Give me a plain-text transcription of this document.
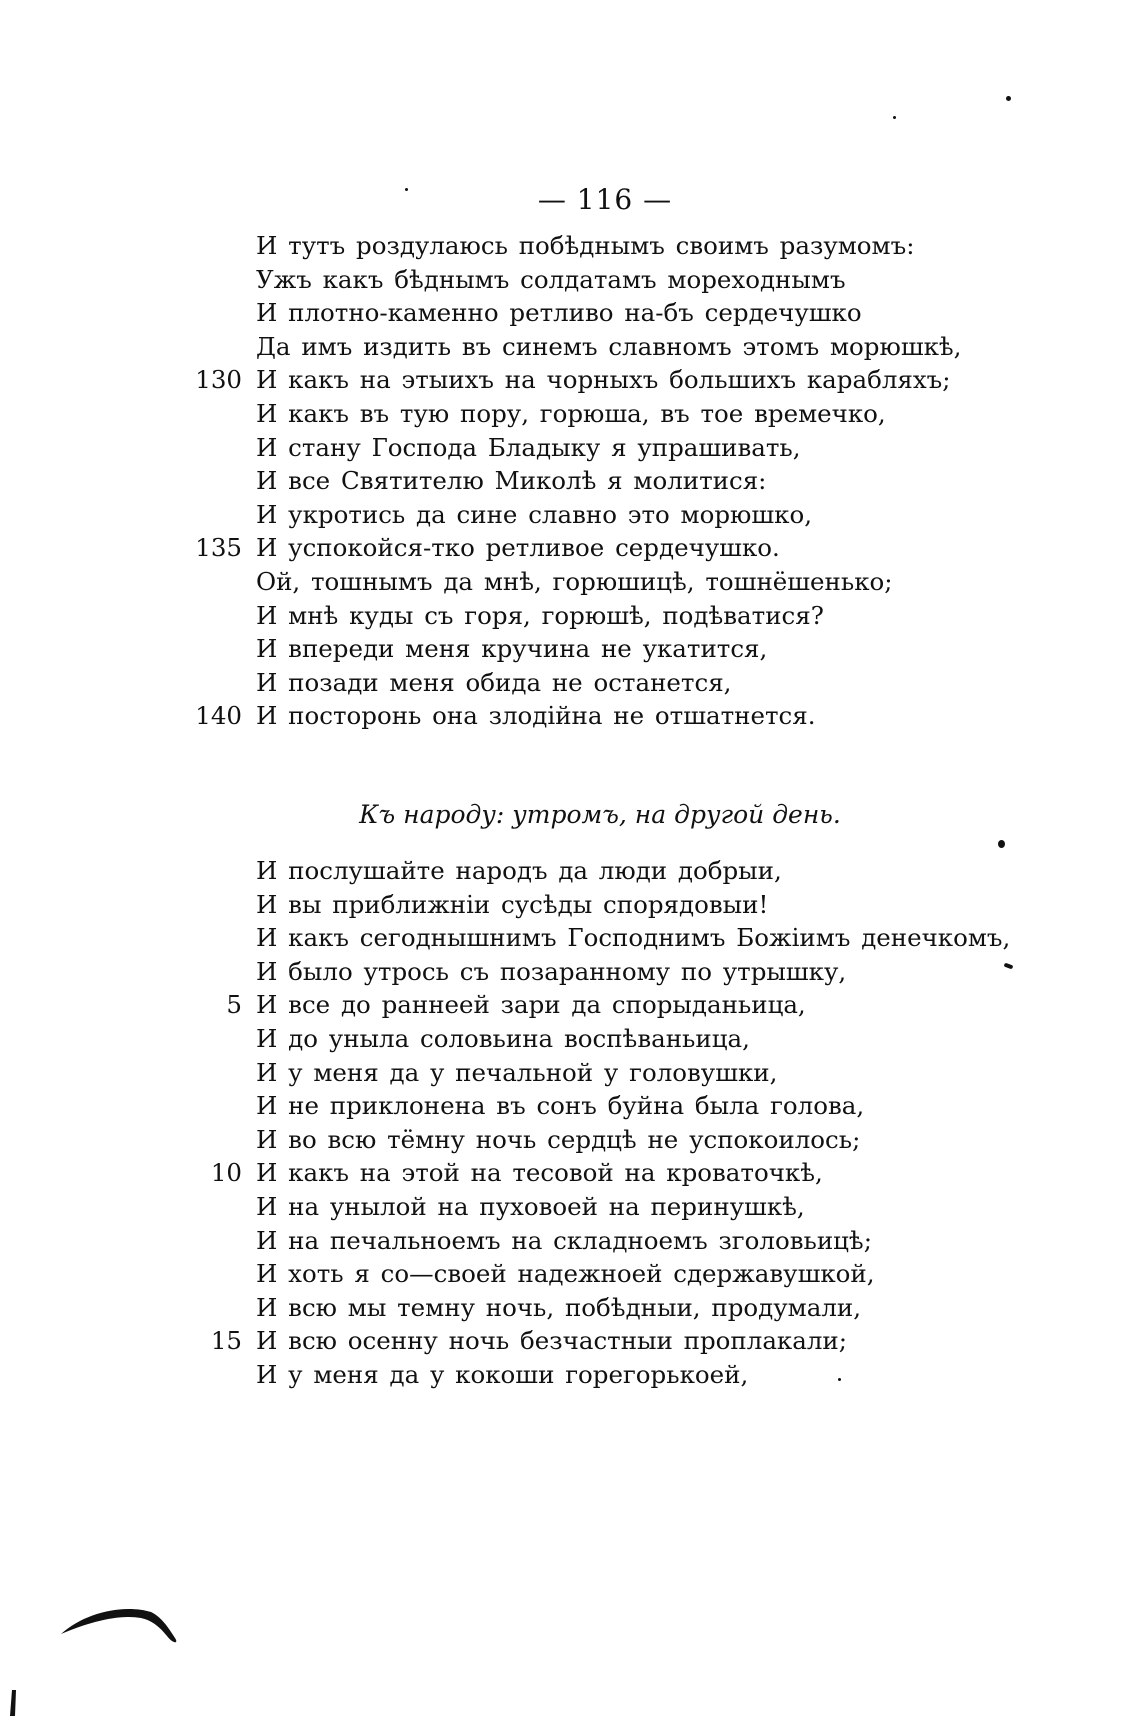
— 116 —
И тутъ роздулаюсь побѣднымъ своимъ разумомъ:
Ужъ какъ бѣднымъ солдатамъ мореходнымъ
И плотно-каменно ретливо на-бъ сердечушко
Да имъ издить въ синемъ славномъ этомъ морюшкѣ,
130 И какъ на этыихъ на чорныхъ большихъ карабляхъ;
И какъ въ тую пору, горюша, въ тое времечко,
И стану Господа Бладыку я упрашивать,
И все Святителю Миколѣ я молитися:
И укротись да сине славно это морюшко,
135 И успокойся-тко ретливое сердечушко.
Ой, тошнымъ да мнѣ, горюшицѣ, тошнёшенько;
И мнѣ куды съ горя, горюшѣ, подѣватися?
И впереди меня кручина не укатится,
И позади меня обида не останется,
140 И посторонь она злодійна не отшатнется.
Къ народу: утромъ, на другой день.
И послушайте народъ да люди добрыи,
И вы приближніи сусѣды спорядовыи!
И какъ сегоднышнимъ Господнимъ Божіимъ денечкомъ,
И было утрось съ позаранному по утрышку,
5 И все до раннеей зари да спорыданьица,
И до унылa соловьина воспѣваньица,
И у меня да у печальной у головушки,
И не приклонена въ сонъ буйна была голова,
И во всю тёмну ночь сердцѣ не успокоилось;
10 И какъ на этой на тесовой на кроваточкѣ,
И на унылой на пуховоей на перинушкѣ,
И на печальноемъ на складноемъ зголовьицѣ;
И хоть я со—своей надежноей сдержавушкой,
И всю мы темну ночь, побѣдныи, продумали,
15 И всю осенну ночь безчастныи проплакали;
И у меня да у кокоши горегорькоей,
